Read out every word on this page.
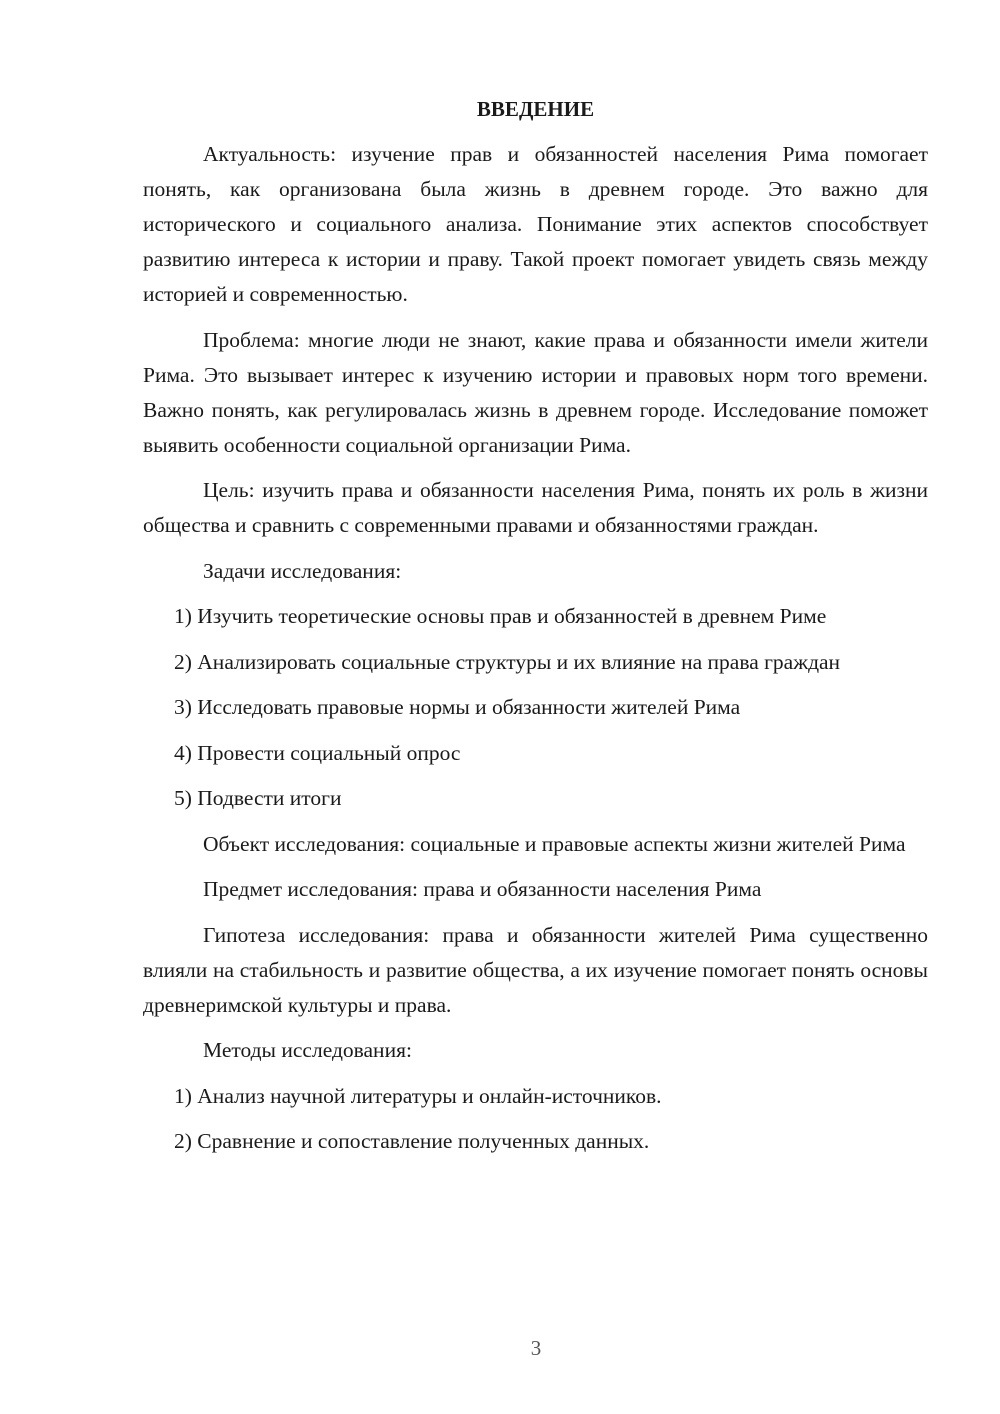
ВВЕДЕНИЕ

Актуальность: изучение прав и обязанностей населения Рима помогает понять, как организована была жизнь в древнем городе. Это важно для исторического и социального анализа. Понимание этих аспектов способствует развитию интереса к истории и праву. Такой проект помогает увидеть связь между историей и современностью.

Проблема: многие люди не знают, какие права и обязанности имели жители Рима. Это вызывает интерес к изучению истории и правовых норм того времени. Важно понять, как регулировалась жизнь в древнем городе. Исследование поможет выявить особенности социальной организации Рима.

Цель: изучить права и обязанности населения Рима, понять их роль в жизни общества и сравнить с современными правами и обязанностями граждан.

Задачи исследования:

1) Изучить теоретические основы прав и обязанностей в древнем Риме

2) Анализировать социальные структуры и их влияние на права граждан

3) Исследовать правовые нормы и обязанности жителей Рима

4) Провести социальный опрос

5) Подвести итоги

Объект исследования: социальные и правовые аспекты жизни жителей Рима

Предмет исследования: права и обязанности населения Рима

Гипотеза исследования: права и обязанности жителей Рима существенно влияли на стабильность и развитие общества, а их изучение помогает понять основы древнеримской культуры и права.

Методы исследования:

1) Анализ научной литературы и онлайн-источников.

2) Сравнение и сопоставление полученных данных.

3
